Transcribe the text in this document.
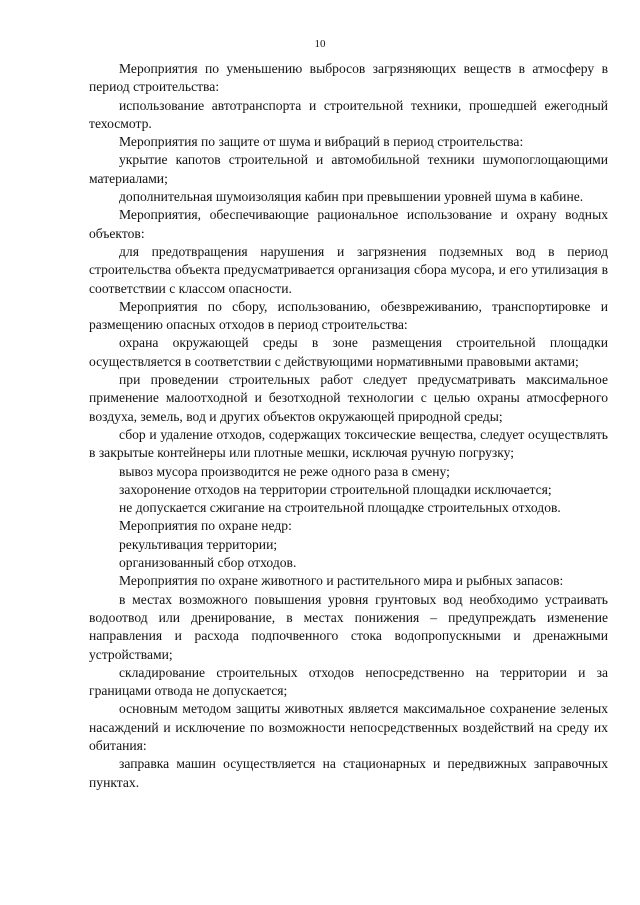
10

Мероприятия по уменьшению выбросов загрязняющих веществ в атмосферу в период строительства:

использование автотранспорта и строительной техники, прошедшей ежегодный техосмотр.

Мероприятия по защите от шума и вибраций в период строительства:

укрытие капотов строительной и автомобильной техники шумопоглощающими материалами;

дополнительная шумоизоляция кабин при превышении уровней шума в кабине.

Мероприятия, обеспечивающие рациональное использование и охрану водных объектов:

для предотвращения нарушения и загрязнения подземных вод в период строительства объекта предусматривается организация сбора мусора, и его утилизация в соответствии с классом опасности.

Мероприятия по сбору, использованию, обезвреживанию, транспортировке и размещению опасных отходов в период строительства:

охрана окружающей среды в зоне размещения строительной площадки осуществляется в соответствии с действующими нормативными правовыми актами;

при проведении строительных работ следует предусматривать максимальное применение малоотходной и безотходной технологии с целью охраны атмосферного воздуха, земель, вод и других объектов окружающей природной среды;

сбор и удаление отходов, содержащих токсические вещества, следует осуществлять в закрытые контейнеры или плотные мешки, исключая ручную погрузку;

вывоз мусора производится не реже одного раза в смену;

захоронение отходов на территории строительной площадки исключается;

не допускается сжигание на строительной площадке строительных отходов.

Мероприятия по охране недр:

рекультивация территории;

организованный сбор отходов.

Мероприятия по охране животного и растительного мира и рыбных запасов:

в местах возможного повышения уровня грунтовых вод необходимо устраивать водоотвод или дренирование, в местах понижения – предупреждать изменение направления и расхода подпочвенного стока водопропускными и дренажными устройствами;

складирование строительных отходов непосредственно на территории и за границами отвода не допускается;

основным методом защиты животных является максимальное сохранение зеленых насаждений и исключение по возможности непосредственных воздействий на среду их обитания:

заправка машин осуществляется на стационарных и передвижных заправочных пунктах.
